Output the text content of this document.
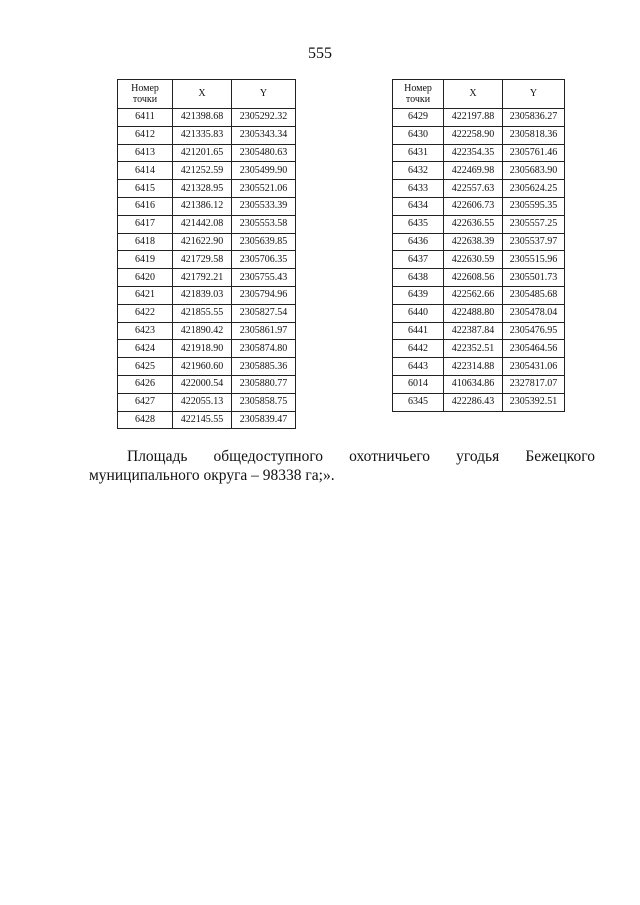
555
Номер
точки	X	Y
6411	421398.68	2305292.32
6412	421335.83	2305343.34
6413	421201.65	2305480.63
6414	421252.59	2305499.90
6415	421328.95	2305521.06
6416	421386.12	2305533.39
6417	421442.08	2305553.58
6418	421622.90	2305639.85
6419	421729.58	2305706.35
6420	421792.21	2305755.43
6421	421839.03	2305794.96
6422	421855.55	2305827.54
6423	421890.42	2305861.97
6424	421918.90	2305874.80
6425	421960.60	2305885.36
6426	422000.54	2305880.77
6427	422055.13	2305858.75
6428	422145.55	2305839.47
Номер
точки	X	Y
6429	422197.88	2305836.27
6430	422258.90	2305818.36
6431	422354.35	2305761.46
6432	422469.98	2305683.90
6433	422557.63	2305624.25
6434	422606.73	2305595.35
6435	422636.55	2305557.25
6436	422638.39	2305537.97
6437	422630.59	2305515.96
6438	422608.56	2305501.73
6439	422562.66	2305485.68
6440	422488.80	2305478.04
6441	422387.84	2305476.95
6442	422352.51	2305464.56
6443	422314.88	2305431.06
6014	410634.86	2327817.07
6345	422286.43	2305392.51
Площадь общедоступного охотничьего угодья Бежецкого
муниципального округа – 98338 га;».
